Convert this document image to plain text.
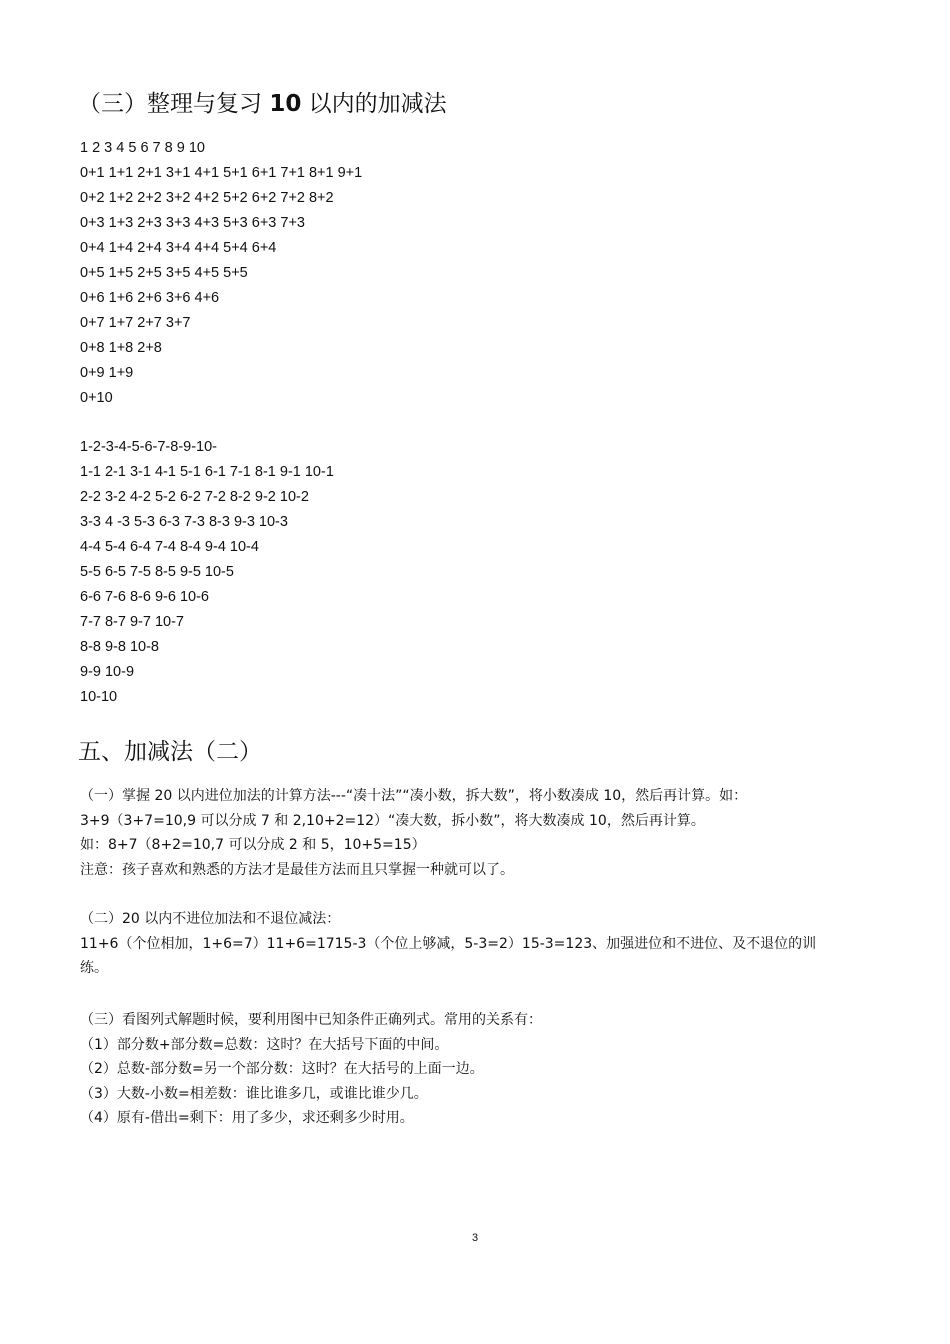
（三）整理与复习 10 以内的加减法
1 2 3 4 5 6 7 8 9 10
0+1 1+1 2+1 3+1 4+1 5+1 6+1 7+1 8+1 9+1
0+2 1+2 2+2 3+2 4+2 5+2 6+2 7+2 8+2
0+3 1+3 2+3 3+3 4+3 5+3 6+3 7+3
0+4 1+4 2+4 3+4 4+4 5+4 6+4
0+5 1+5 2+5 3+5 4+5 5+5
0+6 1+6 2+6 3+6 4+6
0+7 1+7 2+7 3+7
0+8 1+8 2+8
0+9 1+9
0+10
1-2-3-4-5-6-7-8-9-10-
1-1 2-1 3-1 4-1 5-1 6-1 7-1 8-1 9-1 10-1
2-2 3-2 4-2 5-2 6-2 7-2 8-2 9-2 10-2
3-3 4 -3 5-3 6-3 7-3 8-3 9-3 10-3
4-4 5-4 6-4 7-4 8-4 9-4 10-4
5-5 6-5 7-5 8-5 9-5 10-5
6-6 7-6 8-6 9-6 10-6
7-7 8-7 9-7 10-7
8-8 9-8 10-8
9-9 10-9
10-10
五、加减法（二）

（一）掌握 20 以内进位加法的计算方法---“凑十法”“凑小数，拆大数”，将小数凑成 10，然后再计算。如：

3+9（3+7=10,9 可以分成 7 和 2,10+2=12）“凑大数，拆小数”，将大数凑成 10，然后再计算。

如：8+7（8+2=10,7 可以分成 2 和 5，10+5=15）

注意：孩子喜欢和熟悉的方法才是最佳方法而且只掌握一种就可以了。

（二）20 以内不进位加法和不退位减法：

11+6（个位相加，1+6=7）11+6=1715-3（个位上够减，5-3=2）15-3=123、加强进位和不进位、及不退位的训

练。

（三）看图列式解题时候，要利用图中已知条件正确列式。常用的关系有：

（1）部分数+部分数=总数：这时？在大括号下面的中间。

（2）总数-部分数=另一个部分数：这时？在大括号的上面一边。

（3）大数-小数=相差数：谁比谁多几，或谁比谁少几。

（4）原有-借出=剩下：用了多少，求还剩多少时用。

3
